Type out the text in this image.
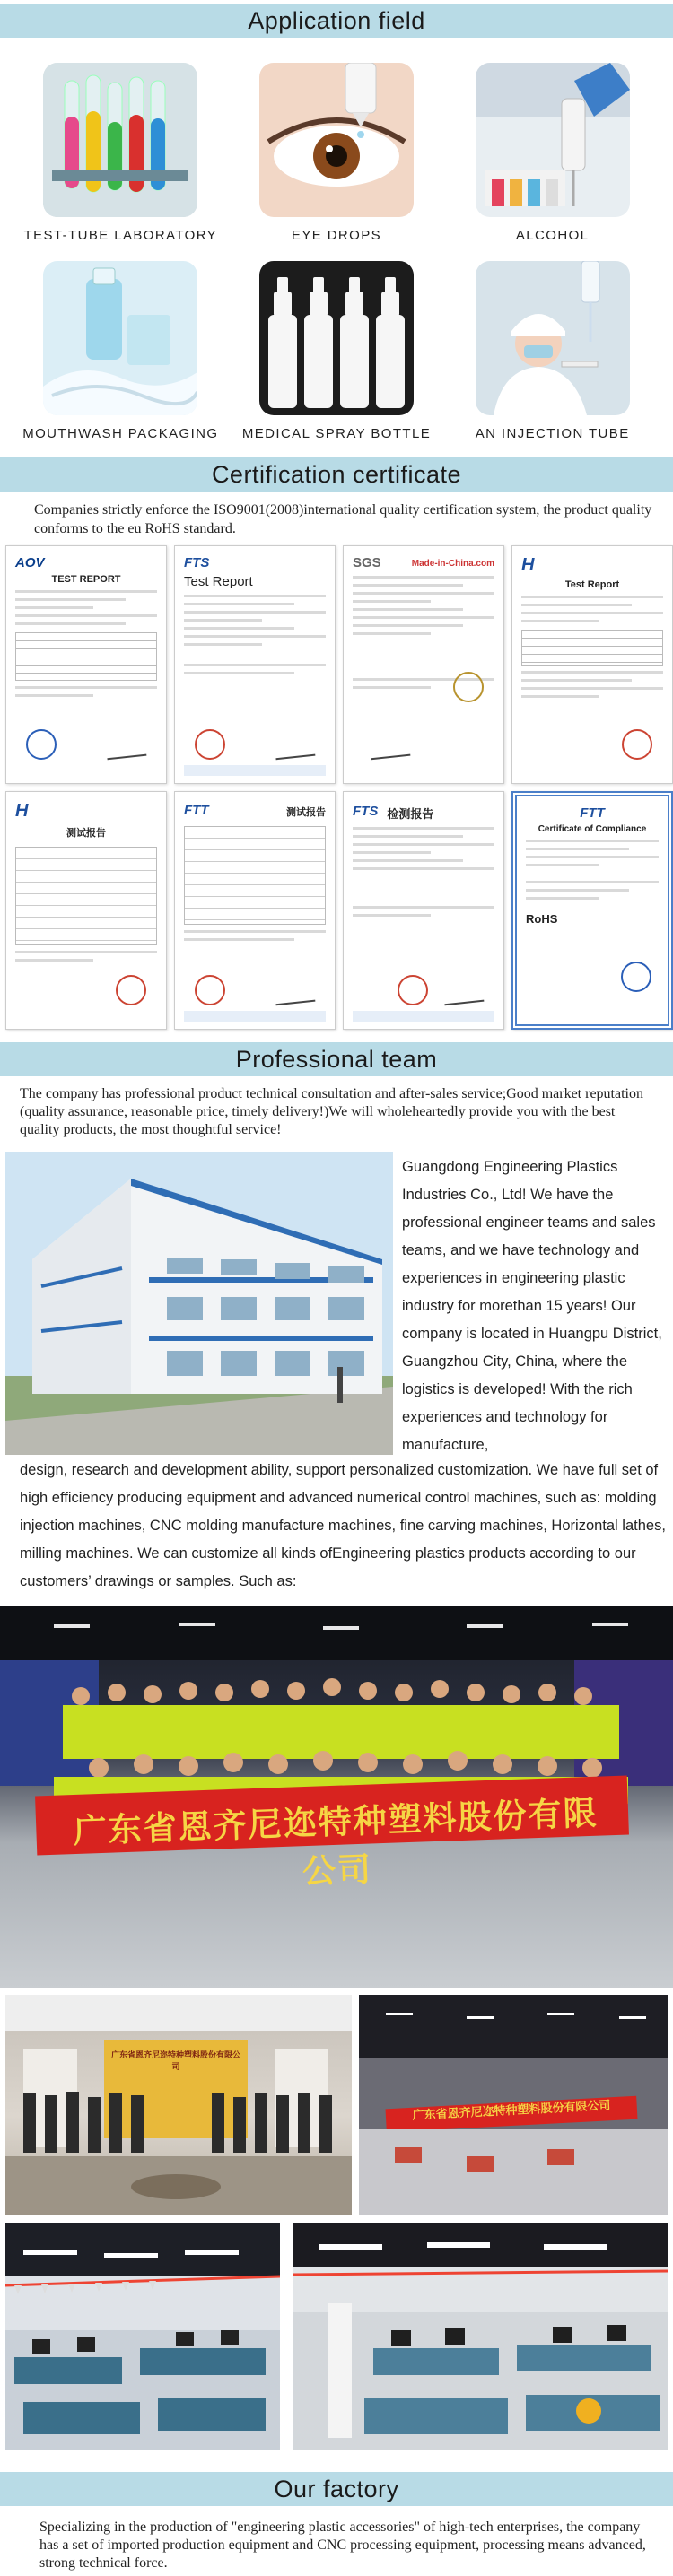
Application field
TEST-TUBE LABORATORY	EYE DROPS	ALCOHOL
MOUTHWASH PACKAGING MEDICAL SPRAY BOTTLE	AN INJECTION TUBE
Certification certificate

Companies strictly enforce the ISO9001(2008)international quality certification system, the product quality conforms to the eu RoHS standard.

AOV
TEST REPORT
FTS
Test Report
SGS	Made-in-China.com H
Test Report
H
测试报告
FTT	测试报告 FTS 检测报告	FTT
Certificate of Compliance
RoHS
Professional team

The company has professional product technical consultation and after-sales service;Good market reputation (quality assurance, reasonable price, timely delivery!)We will wholeheartedly provide you with the best quality products, the most thoughtful service!

Guangdong Engineering Plastics Industries Co., Ltd! We have the professional engineer teams and sales teams, and we have technology and experiences in engineering plastic industry for morethan 15 years! Our company is located in Huangpu District, Guangzhou City, China, where the logistics is developed! With the rich experiences and technology for manufacture,

design, research and development ability, support personalized customization. We have full set of high efficiency producing equipment and advanced numerical control machines, such as: molding injection machines, CNC molding manufacture machines, fine carving machines, Horizontal lathes, milling machines. We can customize all kinds ofEngineering plastics products according to our customers’ drawings or samples. Such as:

广东省恩齐尼迩特种塑料股份有限公司
广东省恩齐尼迩特种塑料股份有限公司
广东省恩齐尼迩特种塑料股份有限公司
Our factory

Specializing in the production of "engineering plastic accessories" of high-tech enterprises, the company has a set of imported production equipment and CNC processing equipment, processing means advanced, strong technical force.
